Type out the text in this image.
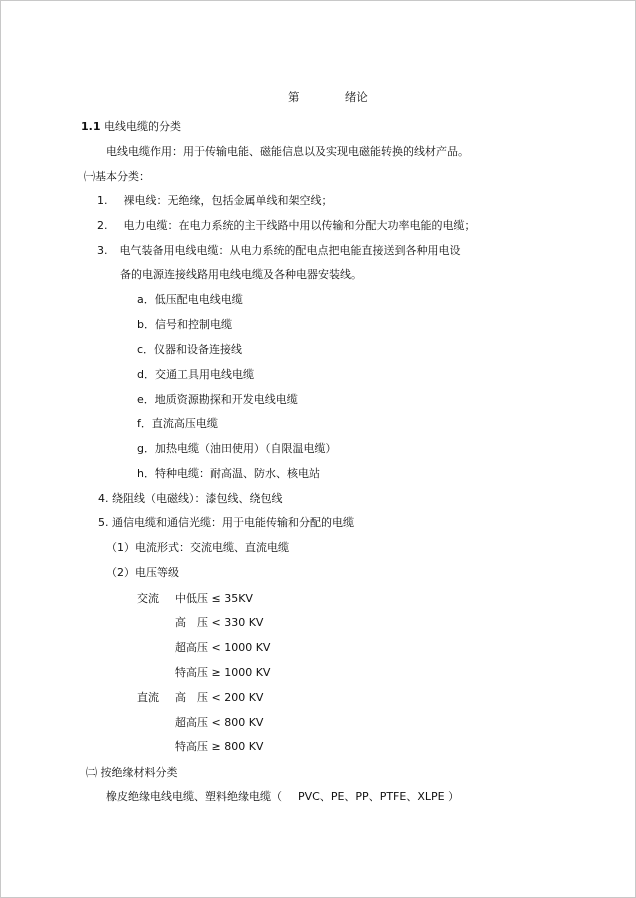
第	绪论
1.1 电线电缆的分类
电线电缆作用：用于传输电能、磁能信息以及实现电磁能转换的线材产品。
㈠基本分类：
1. 裸电线：无绝缘，包括金属单线和架空线；
2. 电力电缆：在电力系统的主干线路中用以传输和分配大功率电能的电缆；
3. 电气装备用电线电缆：从电力系统的配电点把电能直接送到各种用电设
备的电源连接线路用电线电缆及各种电器安装线。
a．低压配电电线电缆
b．信号和控制电缆
c．仪器和设备连接线
d．交通工具用电线电缆
e．地质资源勘探和开发电线电缆
f．直流高压电缆
g．加热电缆（油田使用）（自限温电缆）
h．特种电缆：耐高温、防水、核电站
4. 绕阻线（电磁线）：漆包线、绕包线
5. 通信电缆和通信光缆：用于电能传输和分配的电缆
（1）电流形式：交流电缆、直流电缆
（2）电压等级
交流 中低压 ≤ 35KV
高　压 < 330 KV
超高压 < 1000 KV
特高压 ≥ 1000 KV
直流 高　压 < 200 KV
超高压 < 800 KV
特高压 ≥ 800 KV
㈡ 按绝缘材料分类
橡皮绝缘电线电缆、塑料绝缘电缆（ PVC、PE、PP、PTFE、XLPE ）
